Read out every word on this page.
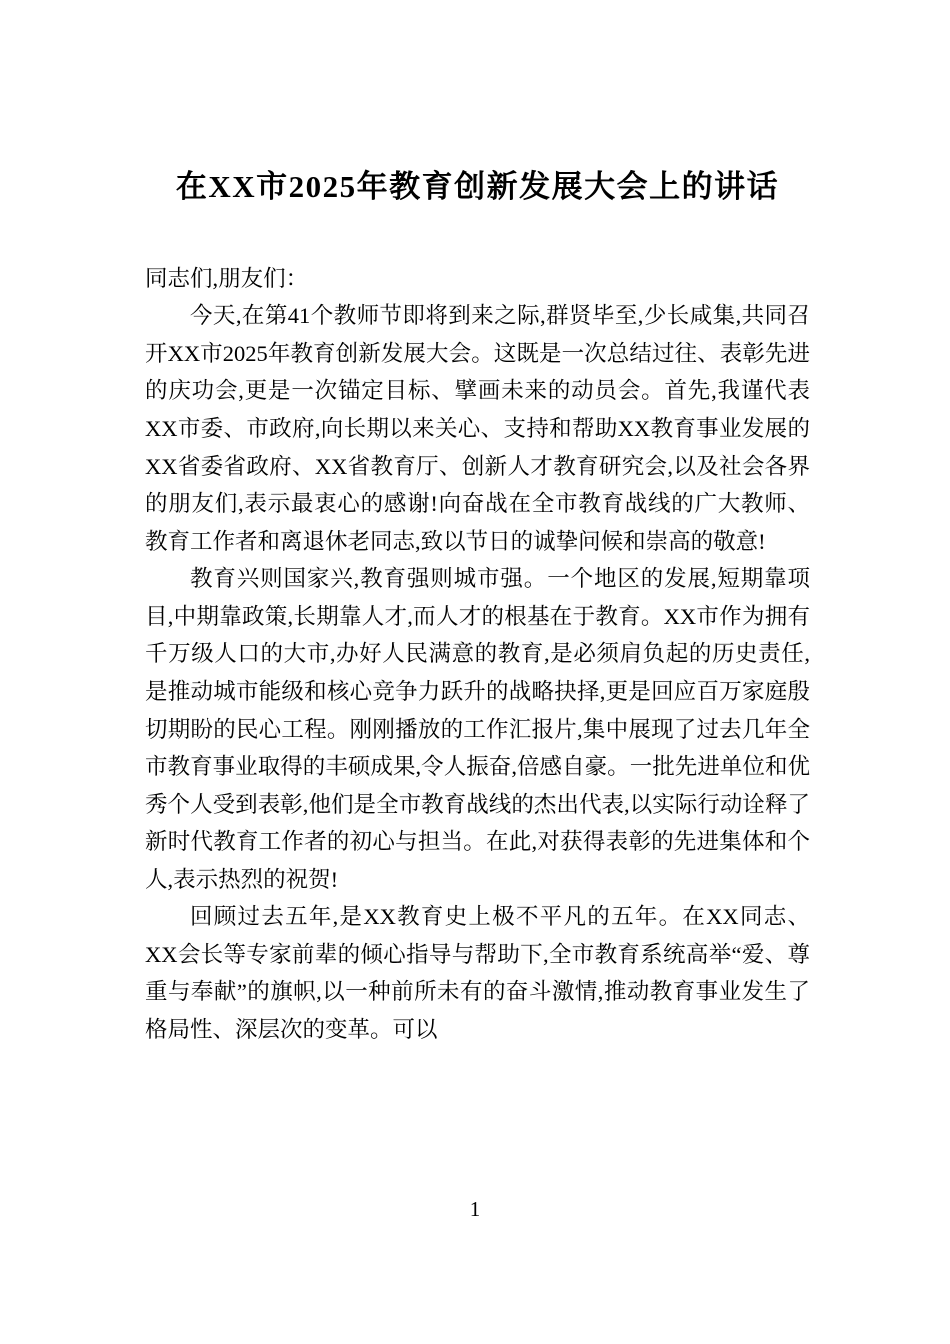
在XX市2025年教育创新发展大会上的讲话

同志们,朋友们：

今天,在第41个教师节即将到来之际,群贤毕至,少长咸集,共同召开XX市2025年教育创新发展大会。这既是一次总结过往、表彰先进的庆功会,更是一次锚定目标、擘画未来的动员会。首先,我谨代表XX市委、市政府,向长期以来关心、支持和帮助XX教育事业发展的XX省委省政府、XX省教育厅、创新人才教育研究会,以及社会各界的朋友们,表示最衷心的感谢!向奋战在全市教育战线的广大教师、教育工作者和离退休老同志,致以节日的诚挚问候和崇高的敬意!

教育兴则国家兴,教育强则城市强。一个地区的发展,短期靠项目,中期靠政策,长期靠人才,而人才的根基在于教育。XX市作为拥有千万级人口的大市,办好人民满意的教育,是必须肩负起的历史责任,是推动城市能级和核心竞争力跃升的战略抉择,更是回应百万家庭殷切期盼的民心工程。刚刚播放的工作汇报片,集中展现了过去几年全市教育事业取得的丰硕成果,令人振奋,倍感自豪。一批先进单位和优秀个人受到表彰,他们是全市教育战线的杰出代表,以实际行动诠释了新时代教育工作者的初心与担当。在此,对获得表彰的先进集体和个人,表示热烈的祝贺!

回顾过去五年,是XX教育史上极不平凡的五年。在XX同志、XX会长等专家前辈的倾心指导与帮助下,全市教育系统高举“爱、尊重与奉献”的旗帜,以一种前所未有的奋斗激情,推动教育事业发生了格局性、深层次的变革。可以

1
